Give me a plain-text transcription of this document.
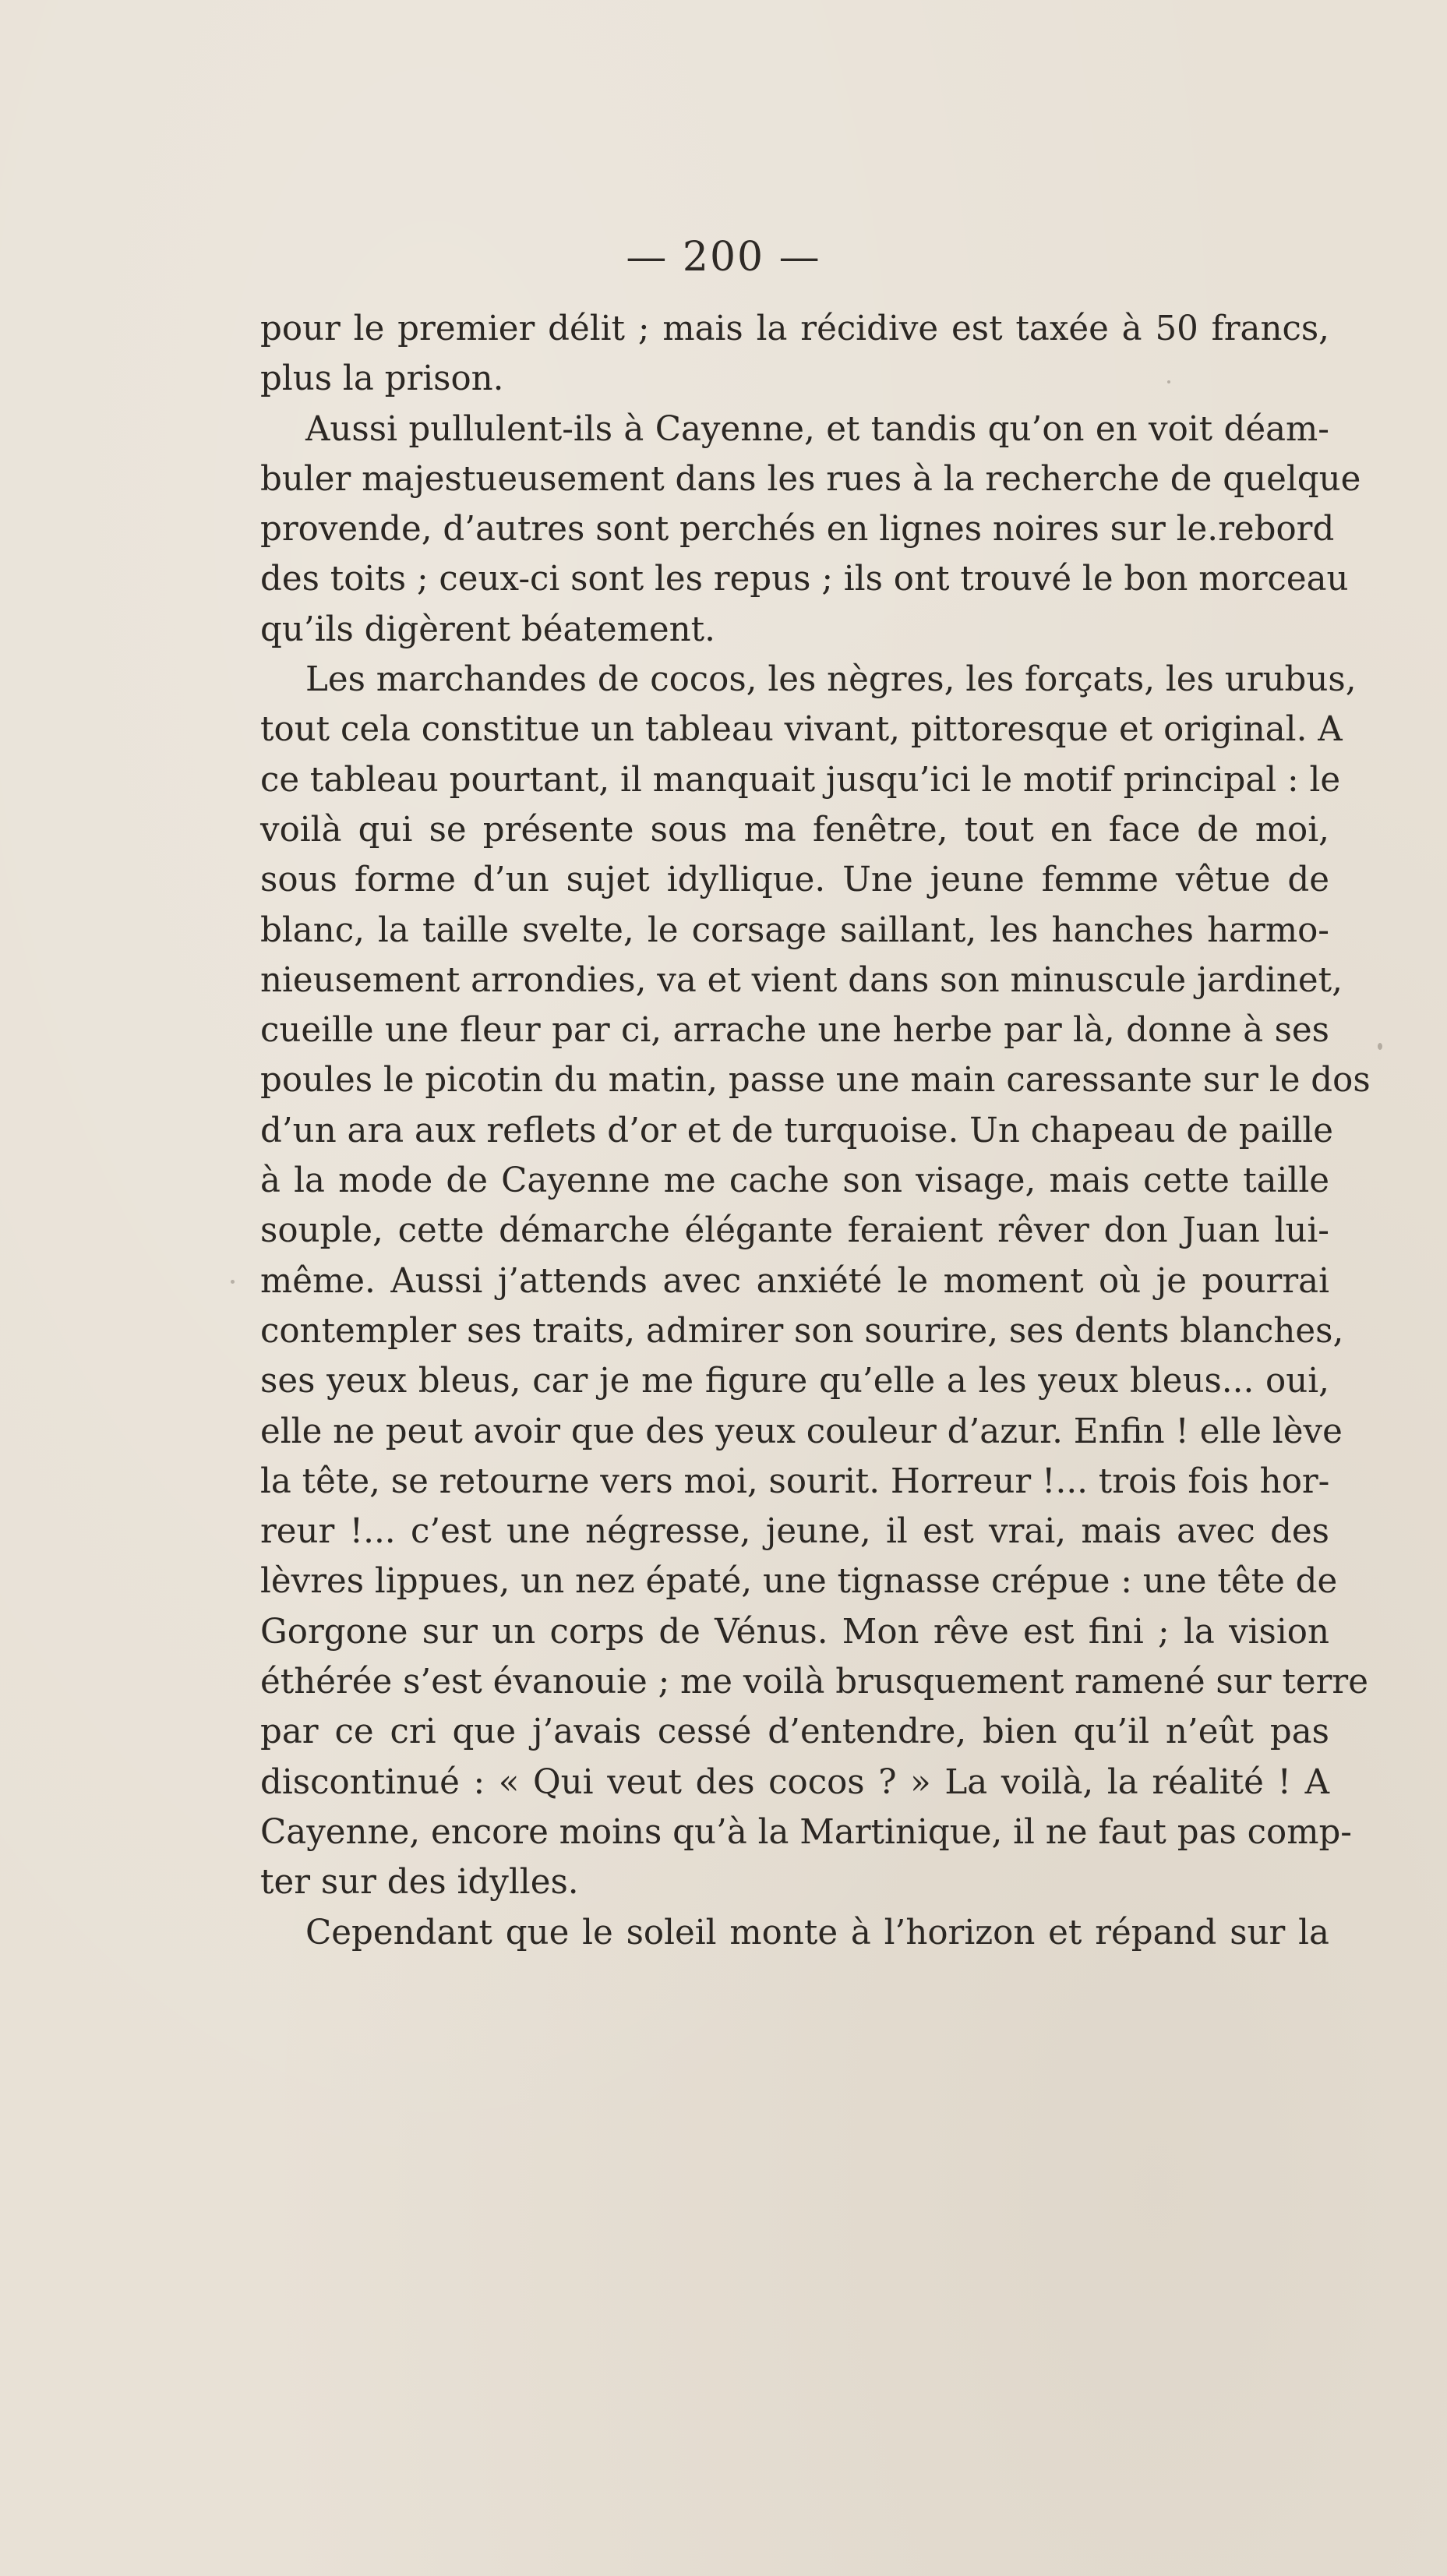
— 200 —
pour le premier délit ; mais la récidive est taxée à 50 francs,
plus la prison.
Aussi pullulent-ils à Cayenne, et tandis qu’on en voit déam-
buler majestueusement dans les rues à la recherche de quelque
provende, d’autres sont perchés en lignes noires sur le.rebord
des toits ; ceux-ci sont les repus ; ils ont trouvé le bon morceau
qu’ils digèrent béatement.
Les marchandes de cocos, les nègres, les forçats, les urubus,
tout cela constitue un tableau vivant, pittoresque et original. A
ce tableau pourtant, il manquait jusqu’ici le motif principal : le
voilà qui se présente sous ma fenêtre, tout en face de moi,
sous forme d’un sujet idyllique. Une jeune femme vêtue de
blanc, la taille svelte, le corsage saillant, les hanches harmo-
nieusement arrondies, va et vient dans son minuscule jardinet,
cueille une fleur par ci, arrache une herbe par là, donne à ses
poules le picotin du matin, passe une main caressante sur le dos
d’un ara aux reflets d’or et de turquoise. Un chapeau de paille
à la mode de Cayenne me cache son visage, mais cette taille
souple, cette démarche élégante feraient rêver don Juan lui-
même. Aussi j’attends avec anxiété le moment où je pourrai
contempler ses traits, admirer son sourire, ses dents blanches,
ses yeux bleus, car je me figure qu’elle a les yeux bleus... oui,
elle ne peut avoir que des yeux couleur d’azur. Enfin ! elle lève
la tête, se retourne vers moi, sourit. Horreur !... trois fois hor-
reur !... c’est une négresse, jeune, il est vrai, mais avec des
lèvres lippues, un nez épaté, une tignasse crépue : une tête de
Gorgone sur un corps de Vénus. Mon rêve est fini ; la vision
éthérée s’est évanouie ; me voilà brusquement ramené sur terre
par ce cri que j’avais cessé d’entendre, bien qu’il n’eût pas
discontinué : « Qui veut des cocos ? » La voilà, la réalité ! A
Cayenne, encore moins qu’à la Martinique, il ne faut pas comp-
ter sur des idylles.
Cependant que le soleil monte à l’horizon et répand sur la
